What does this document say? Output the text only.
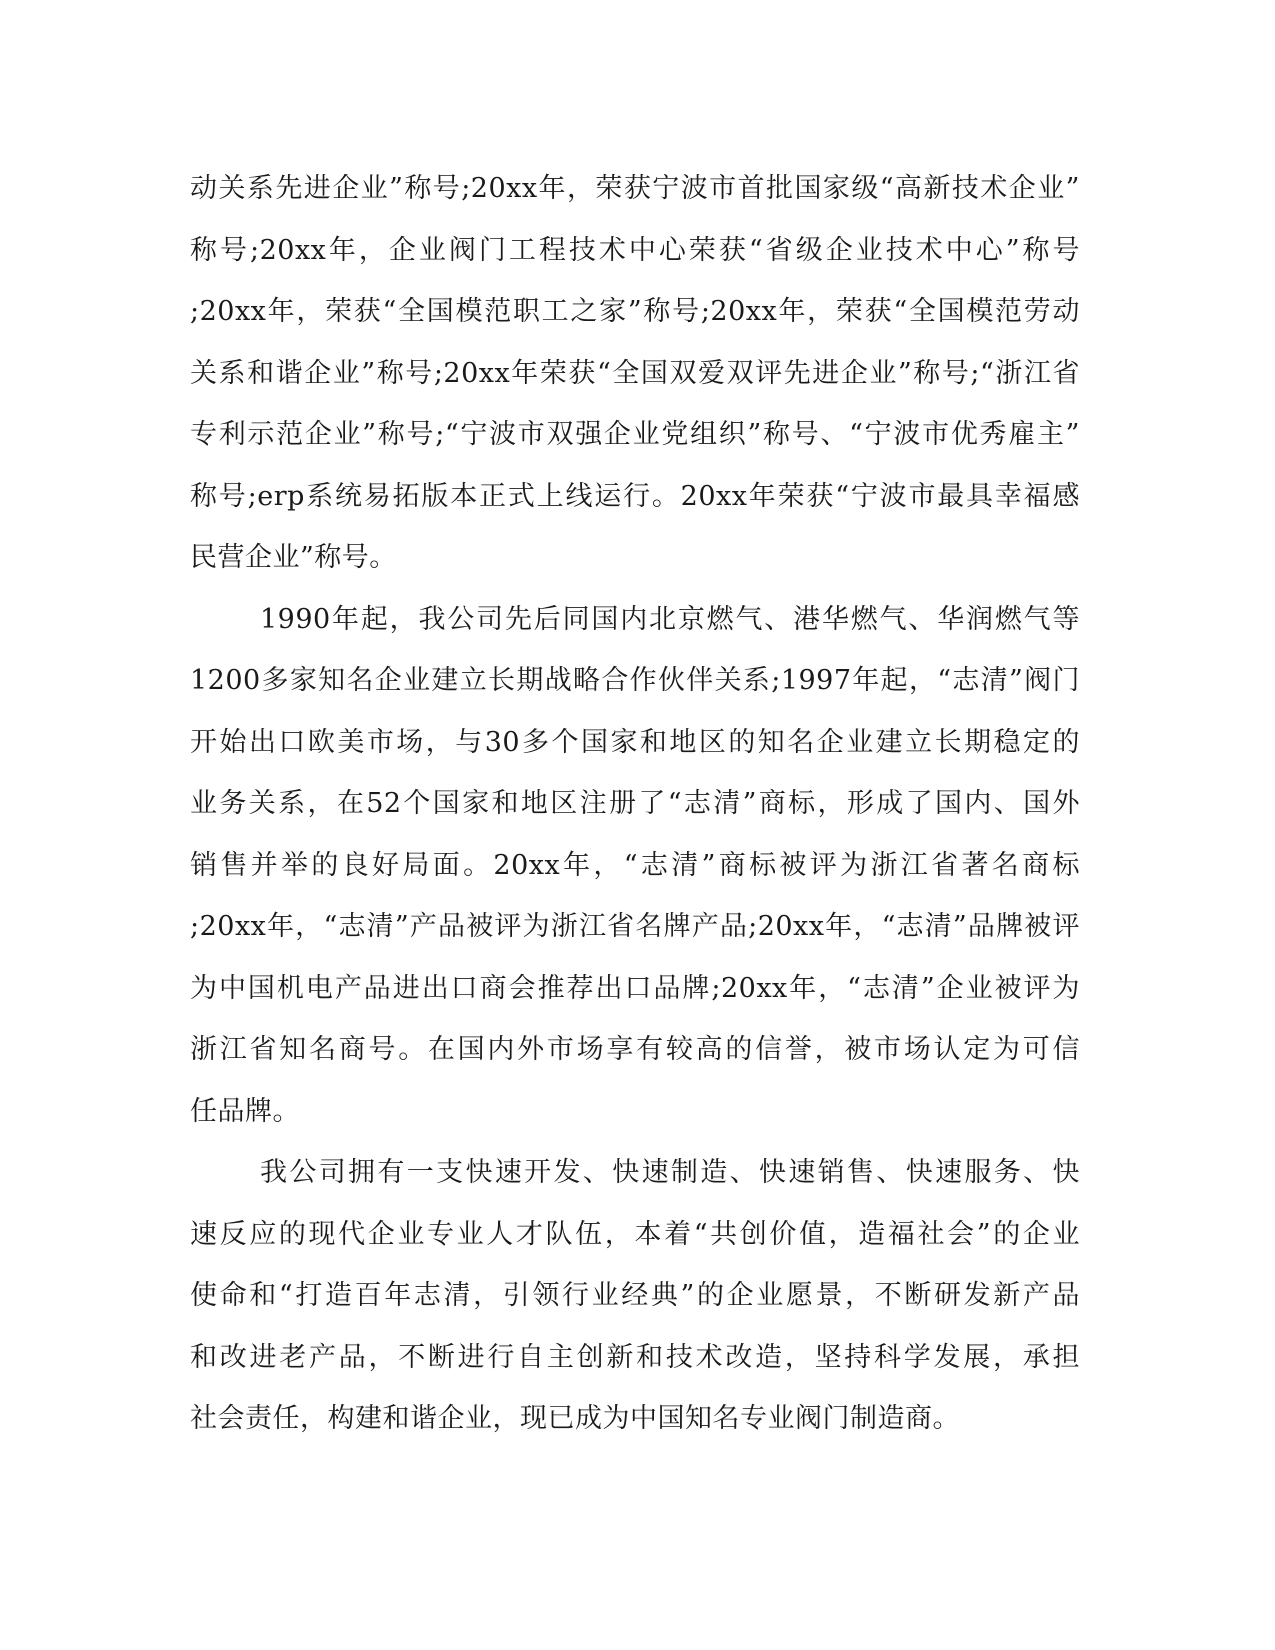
动关系先进企业”称号;20xx年，荣获宁波市首批国家级“高新技术企业”
称号;20xx年，企业阀门工程技术中心荣获“省级企业技术中心”称号
;20xx年，荣获“全国模范职工之家”称号;20xx年，荣获“全国模范劳动
关系和谐企业”称号;20xx年荣获“全国双爱双评先进企业”称号;“浙江省
专利示范企业”称号;“宁波市双强企业党组织”称号、“宁波市优秀雇主”
称号;erp系统易拓版本正式上线运行。20xx年荣获“宁波市最具幸福感
民营企业”称号。
1990年起，我公司先后同国内北京燃气、港华燃气、华润燃气等
1200多家知名企业建立长期战略合作伙伴关系;1997年起，“志清”阀门
开始出口欧美市场，与30多个国家和地区的知名企业建立长期稳定的
业务关系，在52个国家和地区注册了“志清”商标，形成了国内、国外
销售并举的良好局面。20xx年，“志清”商标被评为浙江省著名商标
;20xx年，“志清”产品被评为浙江省名牌产品;20xx年，“志清”品牌被评
为中国机电产品进出口商会推荐出口品牌;20xx年，“志清”企业被评为
浙江省知名商号。在国内外市场享有较高的信誉，被市场认定为可信
任品牌。
我公司拥有一支快速开发、快速制造、快速销售、快速服务、快
速反应的现代企业专业人才队伍，本着“共创价值，造福社会”的企业
使命和“打造百年志清，引领行业经典”的企业愿景，不断研发新产品
和改进老产品，不断进行自主创新和技术改造，坚持科学发展，承担
社会责任，构建和谐企业，现已成为中国知名专业阀门制造商。
